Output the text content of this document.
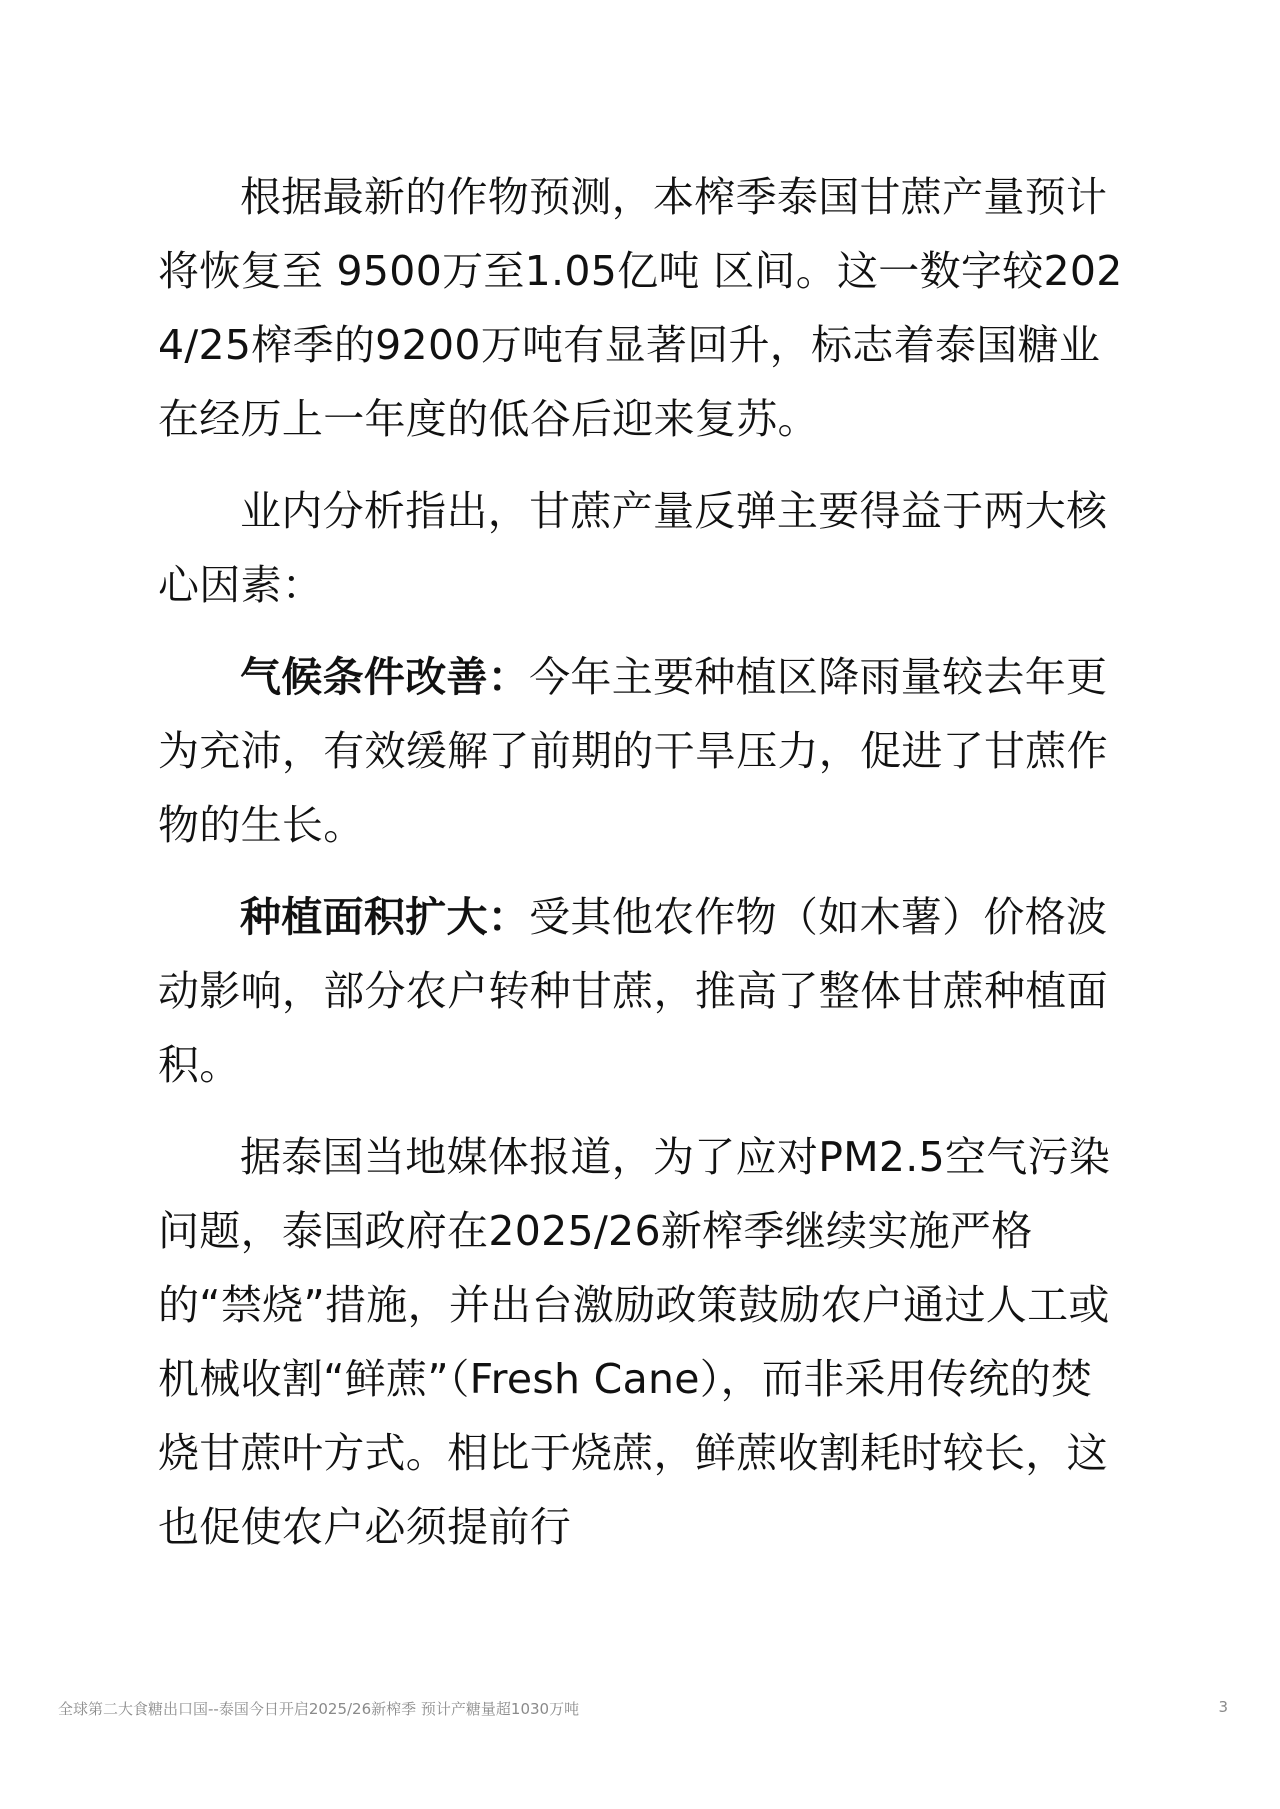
根据最新的作物预测，本榨季泰国甘蔗产量预计将恢复至 9500万至1.05亿吨 区间。这一数字较2024/25榨季的9200万吨有显著回升，标志着泰国糖业在经历上一年度的低谷后迎来复苏。

业内分析指出，甘蔗产量反弹主要得益于两大核心因素：

气候条件改善：今年主要种植区降雨量较去年更为充沛，有效缓解了前期的干旱压力，促进了甘蔗作物的生长。

种植面积扩大：受其他农作物（如木薯）价格波动影响，部分农户转种甘蔗，推高了整体甘蔗种植面积。

据泰国当地媒体报道，为了应对PM2.5空气污染问题，泰国政府在2025/26新榨季继续实施严格的“禁烧”措施，并出台激励政策鼓励农户通过人工或机械收割“鲜蔗”（Fresh Cane），而非采用传统的焚烧甘蔗叶方式。相比于烧蔗，鲜蔗收割耗时较长，这也促使农户必须提前行

全球第二大食糖出口国--泰国今日开启2025/26新榨季 预计产糖量超1030万吨	3
